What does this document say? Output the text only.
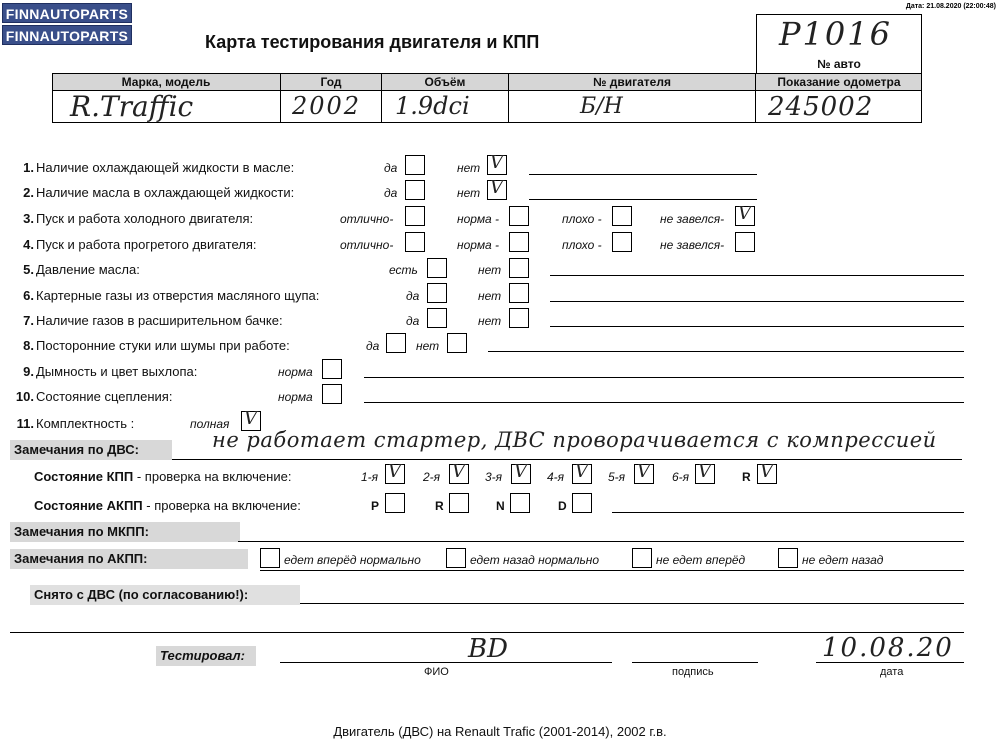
FINNAUTOPARTS
FINNAUTOPARTS
Дата: 21.08.2020 (22:00:48)
Карта тестирования двигателя и КПП	P1016
№ авто
Марка, модель	Год	Объём	№ двигателя	Показание одометра
R.Traffic	2002 1.9dci	Б/Н	245002
1. Наличие охлаждающей жидкости в масле:	да	нет V
2. Наличие масла в охлаждающей жидкости:	да	нет V
3. Пуск и работа холодного двигателя:	отлично-	норма -	плохо -	не завелся- V
4. Пуск и работа прогретого двигателя:	отлично-	норма -	плохо -	не завелся-
5. Давление масла:	есть	нет
6. Картерные газы из отверстия масляного щупа:	да	нет
7. Наличие газов в расширительном бачке:	да	нет
8. Посторонние стуки или шумы при работе:	да	нет
9. Дымность и цвет выхлопа:	норма
10. Состояние сцепления:	норма
11. Комплектность :	полная V
Замечания по ДВС:	не работает стартер, ДВС проворачивается с компрессией
Состояние КПП - проверка на включение:	1-я V 2-я V 3-я V 4-я V 5-я V 6-я V	R V
Состояние АКПП - проверка на включение:	P	R	N	D
Замечания по МКПП:
Замечания по АКПП:	едет вперёд нормально	едет назад нормально	не едет вперёд	не едет назад
Снято с ДВС (по согласованию!):
Тестировал:	BD	10.08.20
ФИО	подпись	дата
Двигатель (ДВС) на Renault Trafic (2001-2014), 2002 г.в.
